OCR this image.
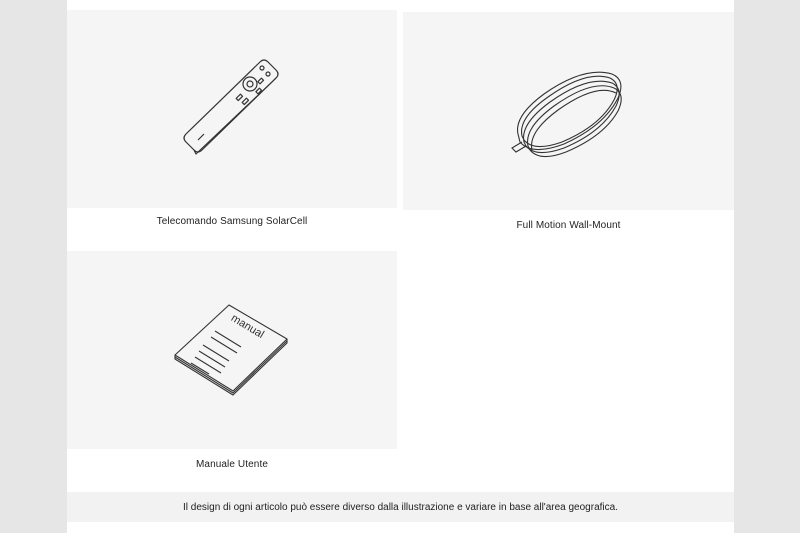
Telecomando Samsung SolarCell	Full Motion Wall-Mount
manual
Manuale Utente
Il design di ogni articolo può essere diverso dalla illustrazione e variare in base all'area geografica.
